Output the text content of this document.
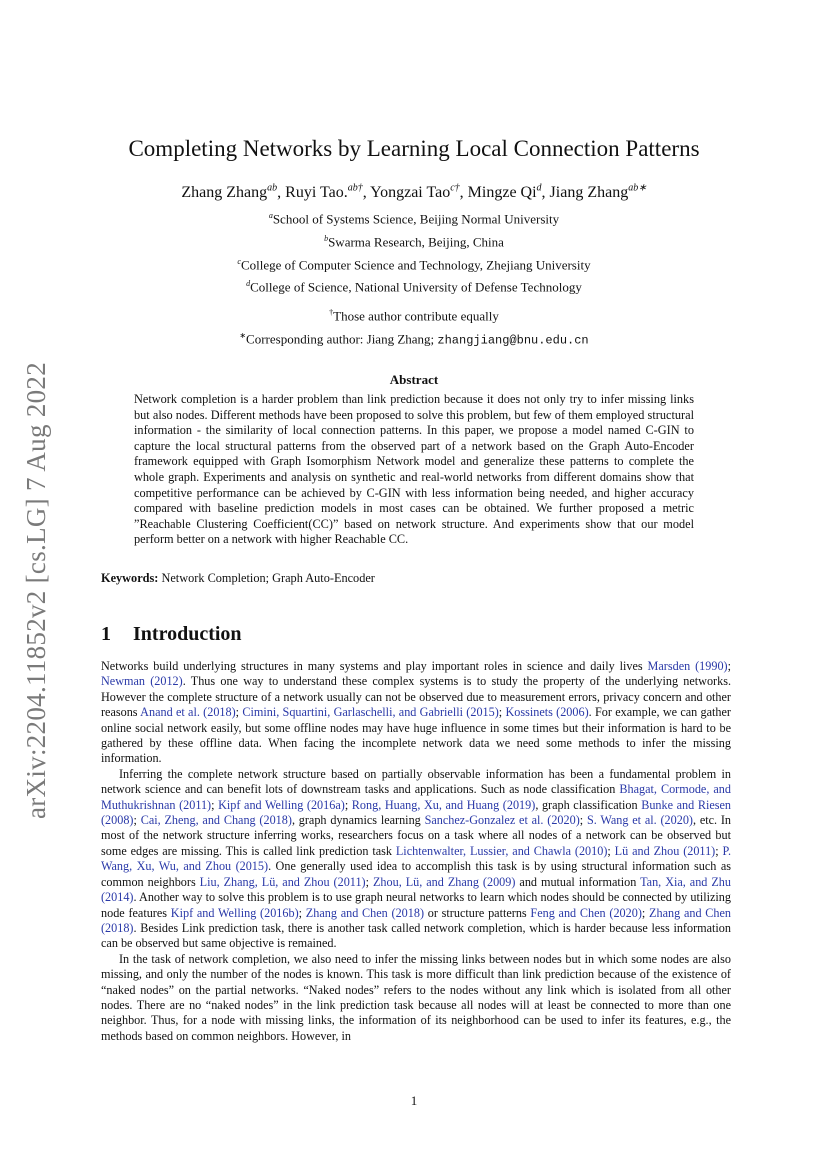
arXiv:2204.11852v2 [cs.LG] 7 Aug 2022
Completing Networks by Learning Local Connection Patterns
Zhang Zhang$^{ab}$, Ruyi Tao.$^{ab\dagger}$, Yongzai Tao$^{c\dagger}$, Mingze Qi$^d$, Jiang Zhang$^{ab∗}$
$^a$School of Systems Science, Beijing Normal University
$^b$Swarma Research, Beijing, China
$^c$College of Computer Science and Technology, Zhejiang University
$^d$College of Science, National University of Defense Technology
†Those author contribute equally
∗Corresponding author: Jiang Zhang; zhangjiang@bnu.edu.cn
Abstract
Network completion is a harder problem than link prediction because it does not only try to infer missing links but also nodes. Different methods have been proposed to solve this problem, but few of them employed structural information - the similarity of local connection patterns. In this paper, we propose a model named C-GIN to capture the local structural patterns from the observed part of a network based on the Graph Auto-Encoder framework equipped with Graph Isomorphism Network model and generalize these patterns to complete the whole graph. Experiments and analysis on synthetic and real-world networks from different domains show that competitive performance can be achieved by C-GIN with less information being needed, and higher accuracy compared with baseline prediction models in most cases can be obtained. We further proposed a metric ”Reachable Clustering Coefficient(CC)” based on network structure. And experiments show that our model perform better on a network with higher Reachable CC.
Keywords: Network Completion; Graph Auto-Encoder
1 Introduction

Networks build underlying structures in many systems and play important roles in science and daily lives Marsden (1990); Newman (2012). Thus one way to understand these complex systems is to study the property of the underlying networks. However the complete structure of a network usually can not be observed due to measurement errors, privacy concern and other reasons Anand et al. (2018); Cimini, Squartini, Garlaschelli, and Gabrielli (2015); Kossinets (2006). For example, we can gather online social network easily, but some offline nodes may have huge influence in some times but their information is hard to be gathered by these offline data. When facing the incomplete network data we need some methods to infer the missing information.

Inferring the complete network structure based on partially observable information has been a fundamental problem in network science and can benefit lots of downstream tasks and applications. Such as node classification Bhagat, Cormode, and Muthukrishnan (2011); Kipf and Welling (2016a); Rong, Huang, Xu, and Huang (2019), graph classification Bunke and Riesen (2008); Cai, Zheng, and Chang (2018), graph dynamics learning Sanchez-Gonzalez et al. (2020); S. Wang et al. (2020), etc. In most of the network structure inferring works, researchers focus on a task where all nodes of a network can be observed but some edges are missing. This is called link prediction task Lichtenwalter, Lussier, and Chawla (2010); Lü and Zhou (2011); P. Wang, Xu, Wu, and Zhou (2015). One generally used idea to accomplish this task is by using structural information such as common neighbors Liu, Zhang, Lü, and Zhou (2011); Zhou, Lü, and Zhang (2009) and mutual information Tan, Xia, and Zhu (2014). Another way to solve this problem is to use graph neural networks to learn which nodes should be connected by utilizing node features Kipf and Welling (2016b); Zhang and Chen (2018) or structure patterns Feng and Chen (2020); Zhang and Chen (2018). Besides Link prediction task, there is another task called network completion, which is harder because less information can be observed but same objective is remained.

In the task of network completion, we also need to infer the missing links between nodes but in which some nodes are also missing, and only the number of the nodes is known. This task is more difficult than link prediction because of the existence of “naked nodes” on the partial networks. “Naked nodes” refers to the nodes without any link which is isolated from all other nodes. There are no “naked nodes” in the link prediction task because all nodes will at least be connected to more than one neighbor. Thus, for a node with missing links, the information of its neighborhood can be used to infer its features, e.g., the methods based on common neighbors. However, in

1
